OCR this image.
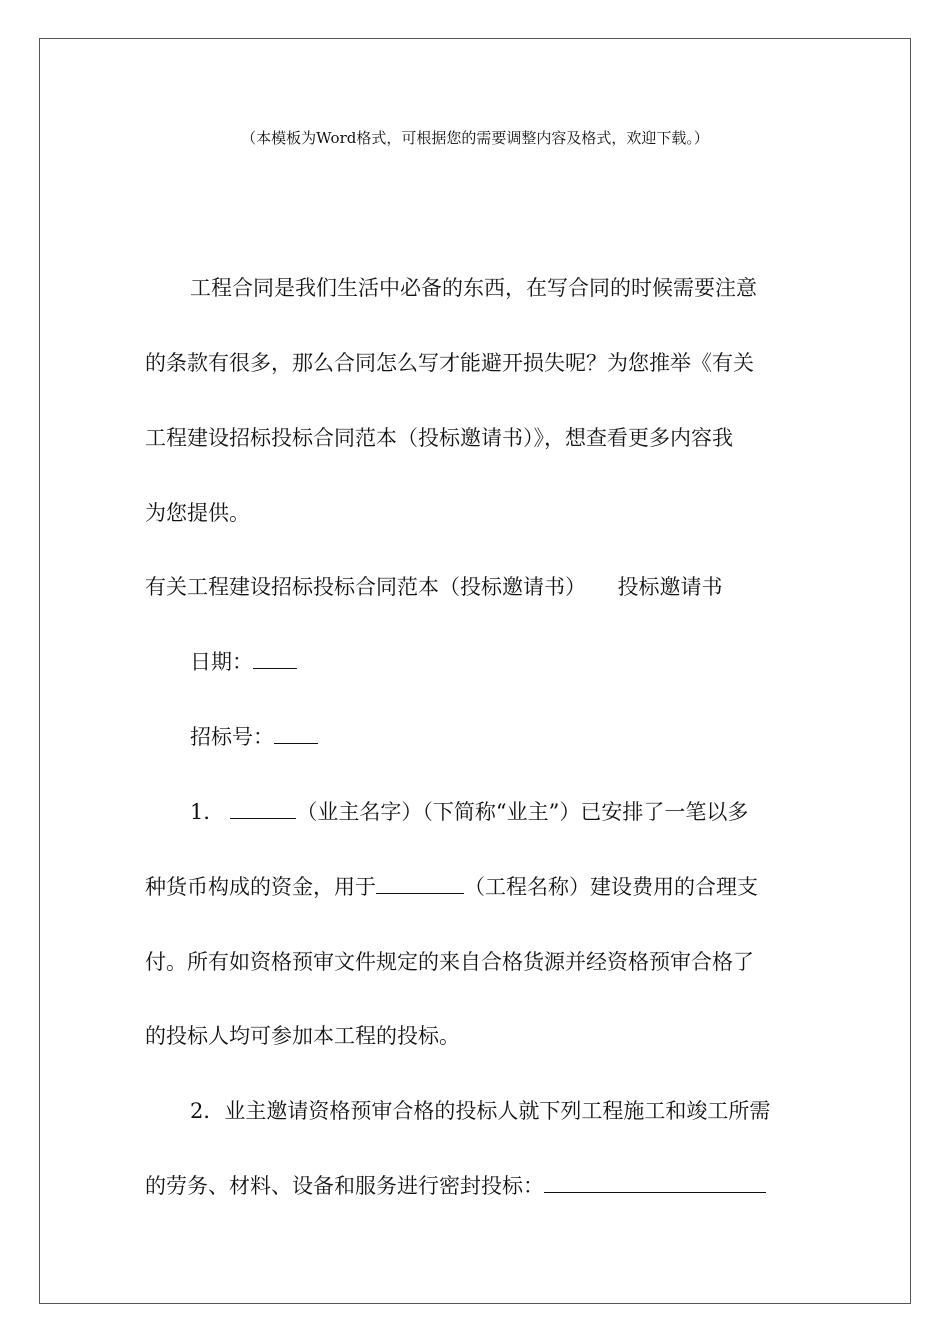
（本模板为Word格式，可根据您的需要调整内容及格式，欢迎下载。）
工程合同是我们生活中必备的东西，在写合同的时候需要注意
的条款有很多，那么合同怎么写才能避开损失呢？为您推举《有关
工程建设招标投标合同范本（投标邀请书）》，想查看更多内容我
为您提供。
有关工程建设招标投标合同范本（投标邀请书）　　投标邀请书
日期：
招标号：
1．	（业主名字）（下简称“业主”）已安排了一笔以多
种货币构成的资金，用于	（工程名称）建设费用的合理支
付。所有如资格预审文件规定的来自合格货源并经资格预审合格了
的投标人均可参加本工程的投标。
2．业主邀请资格预审合格的投标人就下列工程施工和竣工所需
的劳务、材料、设备和服务进行密封投标：
